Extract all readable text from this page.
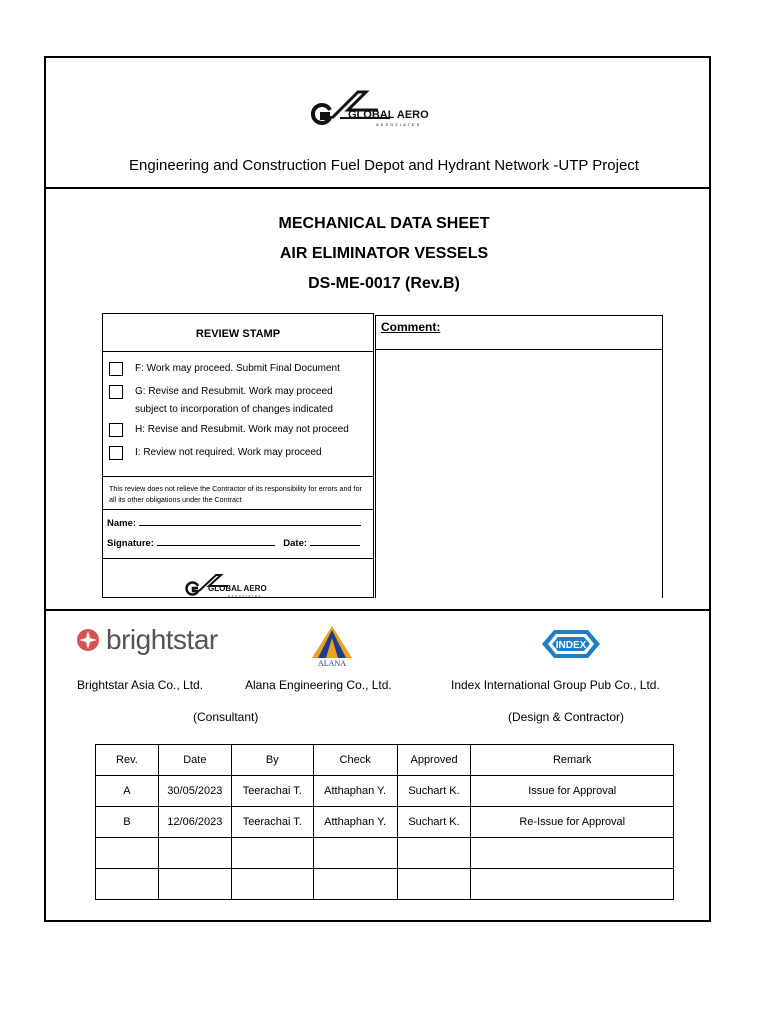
GLOBAL AERO
ASSOCIATES
Engineering and Construction Fuel Depot and Hydrant Network -UTP Project
MECHANICAL DATA SHEET
AIR ELIMINATOR VESSELS
DS-ME-0017 (Rev.B)
REVIEW STAMP
F: Work may proceed. Submit Final Document
G: Revise and Resubmit. Work may proceed
subject to incorporation of changes indicated
H: Revise and Resubmit. Work may not proceed
I: Review not required. Work may proceed
This review does not relieve the Contractor of its responsibility for errors and for all its other obligations under the Contract
Name:
Signature:	Date:
GLOBAL AERO
ASSOCIATES
Comment:
brightstar
ALANA
INDEX
Brightstar Asia Co., Ltd.	Alana Engineering Co., Ltd.	Index International Group Pub Co., Ltd.
(Consultant)	(Design & Contractor)
Rev.	Date	By	Check	Approved	Remark
A	30/05/2023	Teerachai T.	Atthaphan Y.	Suchart K.	Issue for Approval
B	12/06/2023	Teerachai T.	Atthaphan Y.	Suchart K.	Re-Issue for Approval
